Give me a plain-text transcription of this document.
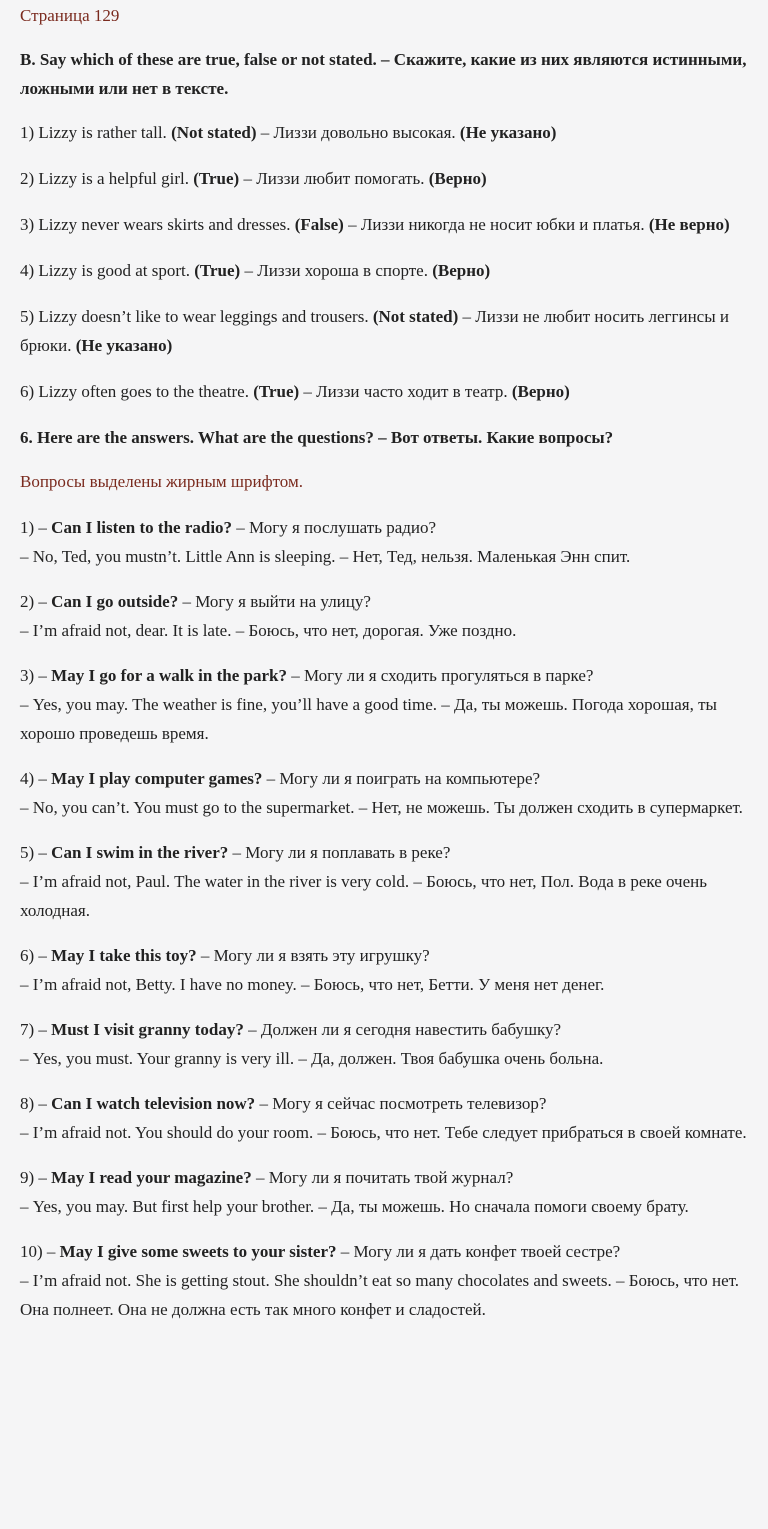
Страница 129
B. Say which of these are true, false or not stated. – Скажите, какие из них являются истинными, ложными или нет в тексте.

1) Lizzy is rather tall. (Not stated) – Лиззи довольно высокая. (Не указано)

2) Lizzy is a helpful girl. (True) – Лиззи любит помогать. (Верно)

3) Lizzy never wears skirts and dresses. (False) – Лиззи никогда не носит юбки и платья. (Не верно)

4) Lizzy is good at sport. (True) – Лиззи хороша в спорте. (Верно)

5) Lizzy doesn’t like to wear leggings and trousers. (Not stated) – Лиззи не любит носить леггинсы и брюки. (Не указано)

6) Lizzy often goes to the theatre. (True) – Лиззи часто ходит в театр. (Верно)

6. Here are the answers. What are the questions? – Вот ответы. Какие вопросы?
Вопросы выделены жирным шрифтом.

1) – Can I listen to the radio? – Могу я послушать радио?
– No, Ted, you mustn’t. Little Ann is sleeping. – Нет, Тед, нельзя. Маленькая Энн спит.

2) – Can I go outside? – Могу я выйти на улицу?
– I’m afraid not, dear. It is late. – Боюсь, что нет, дорогая. Уже поздно.

3) – May I go for a walk in the park? – Могу ли я сходить прогуляться в парке?
– Yes, you may. The weather is fine, you’ll have a good time. – Да, ты можешь. Погода хорошая, ты хорошо проведешь время.

4) – May I play computer games? – Могу ли я поиграть на компьютере?
– No, you can’t. You must go to the supermarket. – Нет, не можешь. Ты должен сходить в супермаркет.

5) – Can I swim in the river? – Могу ли я поплавать в реке?
– I’m afraid not, Paul. The water in the river is very cold. – Боюсь, что нет, Пол. Вода в реке очень холодная.

6) – May I take this toy? – Могу ли я взять эту игрушку?
– I’m afraid not, Betty. I have no money. – Боюсь, что нет, Бетти. У меня нет денег.

7) – Must I visit granny today? – Должен ли я сегодня навестить бабушку?
– Yes, you must. Your granny is very ill. – Да, должен. Твоя бабушка очень больна.

8) – Can I watch television now? – Могу я сейчас посмотреть телевизор?
– I’m afraid not. You should do your room. – Боюсь, что нет. Тебе следует прибраться в своей комнате.

9) – May I read your magazine? – Могу ли я почитать твой журнал?
– Yes, you may. But first help your brother. – Да, ты можешь. Но сначала помоги своему брату.

10) – May I give some sweets to your sister? – Могу ли я дать конфет твоей сестре?
– I’m afraid not. She is getting stout. She shouldn’t eat so many chocolates and sweets. – Боюсь, что нет. Она полнеет. Она не должна есть так много конфет и сладостей.
